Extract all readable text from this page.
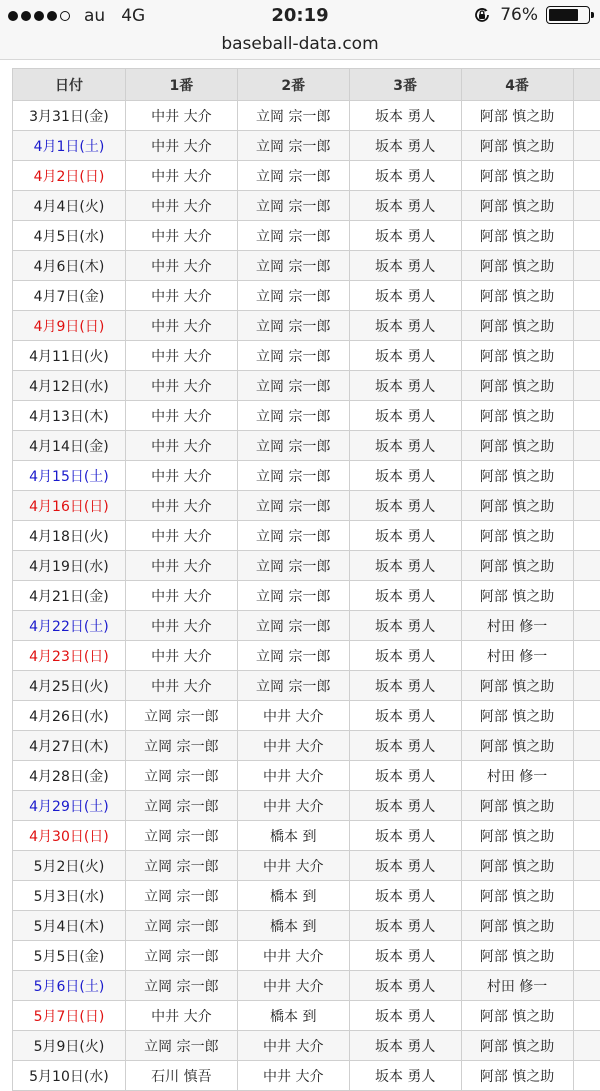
au 4G	20:19	76%
baseball-data.com
日付	1番	2番	3番	4番	
3月31日(金)	中井 大介	立岡 宗一郎	坂本 勇人	阿部 慎之助	
4月1日(土)	中井 大介	立岡 宗一郎	坂本 勇人	阿部 慎之助	
4月2日(日)	中井 大介	立岡 宗一郎	坂本 勇人	阿部 慎之助	
4月4日(火)	中井 大介	立岡 宗一郎	坂本 勇人	阿部 慎之助	
4月5日(水)	中井 大介	立岡 宗一郎	坂本 勇人	阿部 慎之助	
4月6日(木)	中井 大介	立岡 宗一郎	坂本 勇人	阿部 慎之助	
4月7日(金)	中井 大介	立岡 宗一郎	坂本 勇人	阿部 慎之助	
4月9日(日)	中井 大介	立岡 宗一郎	坂本 勇人	阿部 慎之助	
4月11日(火)	中井 大介	立岡 宗一郎	坂本 勇人	阿部 慎之助	
4月12日(水)	中井 大介	立岡 宗一郎	坂本 勇人	阿部 慎之助	
4月13日(木)	中井 大介	立岡 宗一郎	坂本 勇人	阿部 慎之助	
4月14日(金)	中井 大介	立岡 宗一郎	坂本 勇人	阿部 慎之助	
4月15日(土)	中井 大介	立岡 宗一郎	坂本 勇人	阿部 慎之助	
4月16日(日)	中井 大介	立岡 宗一郎	坂本 勇人	阿部 慎之助	
4月18日(火)	中井 大介	立岡 宗一郎	坂本 勇人	阿部 慎之助	
4月19日(水)	中井 大介	立岡 宗一郎	坂本 勇人	阿部 慎之助	
4月21日(金)	中井 大介	立岡 宗一郎	坂本 勇人	阿部 慎之助	
4月22日(土)	中井 大介	立岡 宗一郎	坂本 勇人	村田 修一	
4月23日(日)	中井 大介	立岡 宗一郎	坂本 勇人	村田 修一	
4月25日(火)	中井 大介	立岡 宗一郎	坂本 勇人	阿部 慎之助	
4月26日(水)	立岡 宗一郎	中井 大介	坂本 勇人	阿部 慎之助	
4月27日(木)	立岡 宗一郎	中井 大介	坂本 勇人	阿部 慎之助	
4月28日(金)	立岡 宗一郎	中井 大介	坂本 勇人	村田 修一	
4月29日(土)	立岡 宗一郎	中井 大介	坂本 勇人	阿部 慎之助	
4月30日(日)	立岡 宗一郎	橋本 到	坂本 勇人	阿部 慎之助	
5月2日(火)	立岡 宗一郎	中井 大介	坂本 勇人	阿部 慎之助	
5月3日(水)	立岡 宗一郎	橋本 到	坂本 勇人	阿部 慎之助	
5月4日(木)	立岡 宗一郎	橋本 到	坂本 勇人	阿部 慎之助	
5月5日(金)	立岡 宗一郎	中井 大介	坂本 勇人	阿部 慎之助	
5月6日(土)	立岡 宗一郎	中井 大介	坂本 勇人	村田 修一	
5月7日(日)	中井 大介	橋本 到	坂本 勇人	阿部 慎之助	
5月9日(火)	立岡 宗一郎	中井 大介	坂本 勇人	阿部 慎之助	
5月10日(水)	石川 慎吾	中井 大介	坂本 勇人	阿部 慎之助	
